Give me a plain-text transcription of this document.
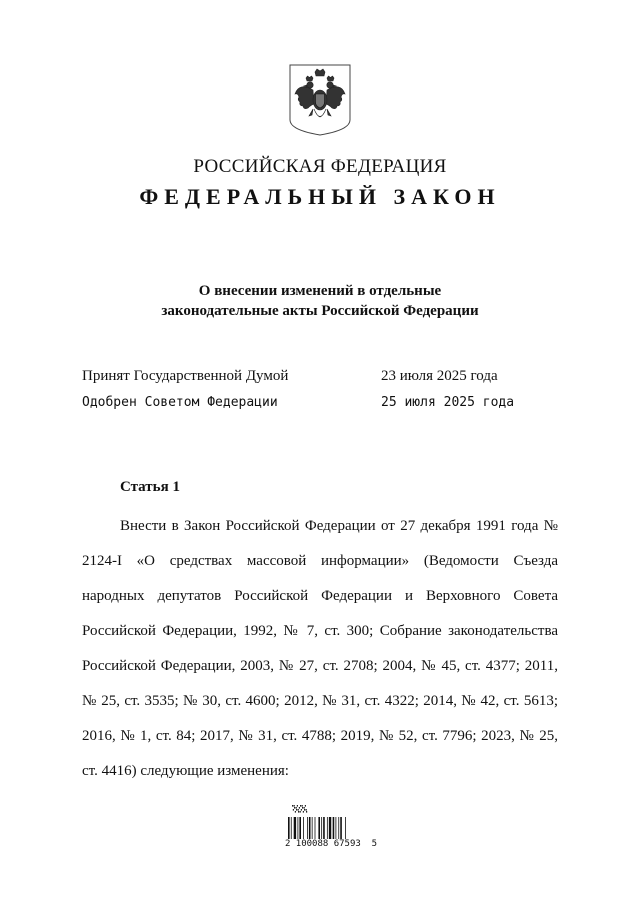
РОССИЙСКАЯ ФЕДЕРАЦИЯ
ФЕДЕРАЛЬНЫЙ ЗАКОН
О внесении изменений в отдельные
законодательные акты Российской Федерации
Принят Государственной Думой	23 июля 2025 года
Одобрен Советом Федерации	25 июля 2025 года
Статья 1

Внести в Закон Российской Федерации от 27 декабря 1991 года № 2124-I «О средствах массовой информации» (Ведомости Съезда народных депутатов Российской Федерации и Верховного Совета Российской Федерации, 1992, № 7, ст. 300; Собрание законодательства Российской Федерации, 2003, № 27, ст. 2708; 2004, № 45, ст. 4377; 2011, № 25, ст. 3535; № 30, ст. 4600; 2012, № 31, ст. 4322; 2014, № 42, ст. 5613; 2016, № 1, ст. 84; 2017, № 31, ст. 4788; 2019, № 52, ст. 7796; 2023, № 25, ст. 4416) следующие изменения:

2 100088 67593  5
